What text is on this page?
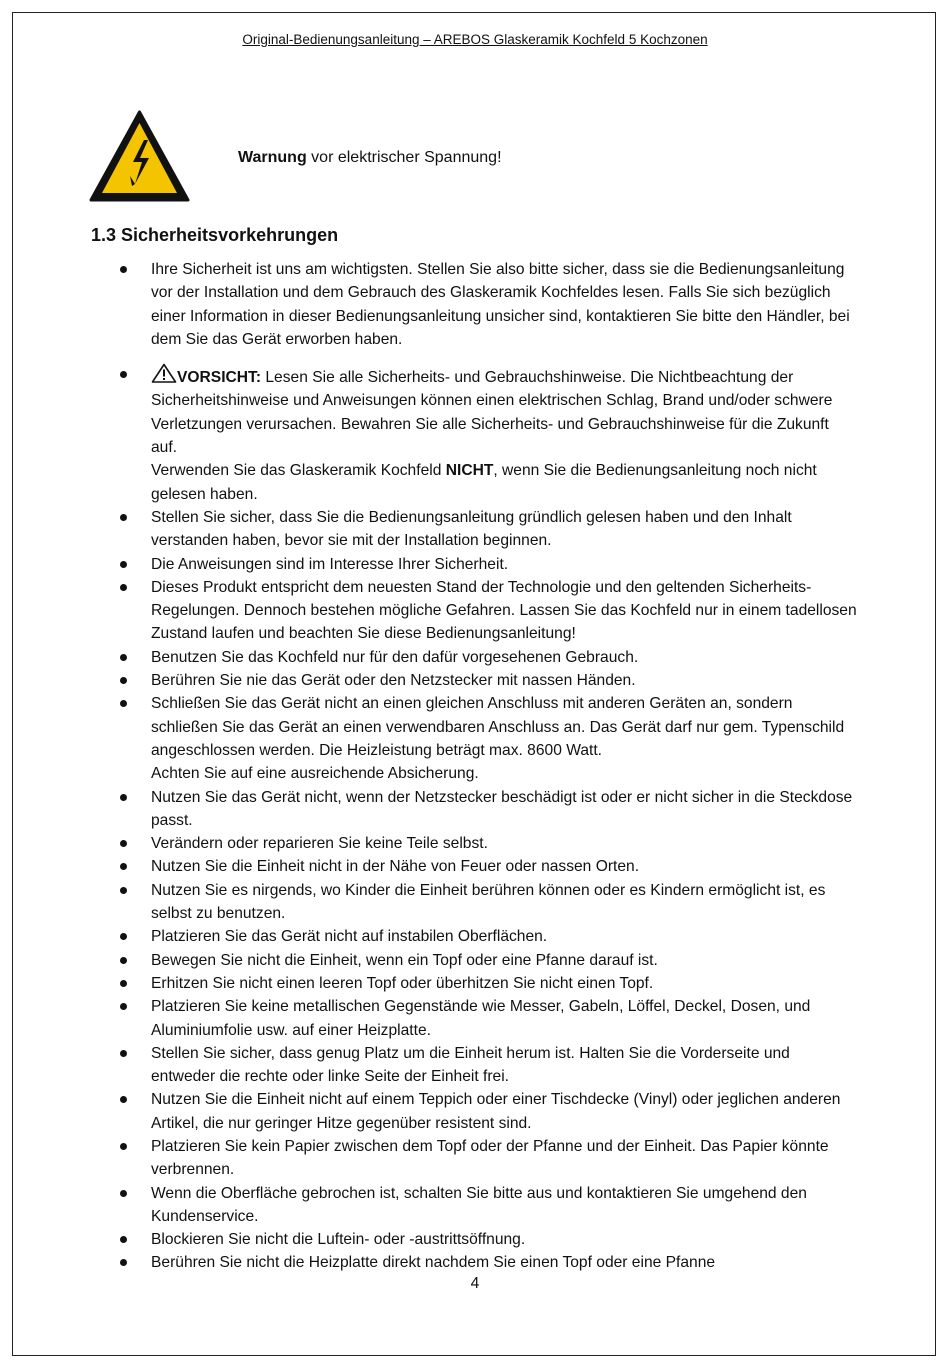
Original-Bedienungsanleitung – AREBOS Glaskeramik Kochfeld 5 Kochzonen
Warnung vor elektrischer Spannung!
1.3 Sicherheitsvorkehrungen
Ihre Sicherheit ist uns am wichtigsten. Stellen Sie also bitte sicher, dass sie die Bedienungsanleitung vor der Installation und dem Gebrauch des Glaskeramik Kochfeldes lesen. Falls Sie sich bezüglich einer Information in dieser Bedienungsanleitung unsicher sind, kontaktieren Sie bitte den Händler, bei dem Sie das Gerät erworben haben.
VORSICHT: Lesen Sie alle Sicherheits- und Gebrauchshinweise. Die Nichtbeachtung der Sicherheitshinweise und Anweisungen können einen elektrischen Schlag, Brand und/oder schwere Verletzungen verursachen. Bewahren Sie alle Sicherheits- und Gebrauchshinweise für die Zukunft auf.
Verwenden Sie das Glaskeramik Kochfeld NICHT, wenn Sie die Bedienungsanleitung noch nicht gelesen haben.
Stellen Sie sicher, dass Sie die Bedienungsanleitung gründlich gelesen haben und den Inhalt verstanden haben, bevor sie mit der Installation beginnen.
Die Anweisungen sind im Interesse Ihrer Sicherheit.
Dieses Produkt entspricht dem neuesten Stand der Technologie und den geltenden Sicherheits-Regelungen. Dennoch bestehen mögliche Gefahren. Lassen Sie das Kochfeld nur in einem tadellosen Zustand laufen und beachten Sie diese Bedienungsanleitung!
Benutzen Sie das Kochfeld nur für den dafür vorgesehenen Gebrauch.
Berühren Sie nie das Gerät oder den Netzstecker mit nassen Händen.
Schließen Sie das Gerät nicht an einen gleichen Anschluss mit anderen Geräten an, sondern schließen Sie das Gerät an einen verwendbaren Anschluss an. Das Gerät darf nur gem. Typenschild angeschlossen werden. Die Heizleistung beträgt max. 8600 Watt.
Achten Sie auf eine ausreichende Absicherung.
Nutzen Sie das Gerät nicht, wenn der Netzstecker beschädigt ist oder er nicht sicher in die Steckdose passt.
Verändern oder reparieren Sie keine Teile selbst.
Nutzen Sie die Einheit nicht in der Nähe von Feuer oder nassen Orten.
Nutzen Sie es nirgends, wo Kinder die Einheit berühren können oder es Kindern ermöglicht ist, es selbst zu benutzen.
Platzieren Sie das Gerät nicht auf instabilen Oberflächen.
Bewegen Sie nicht die Einheit, wenn ein Topf oder eine Pfanne darauf ist.
Erhitzen Sie nicht einen leeren Topf oder überhitzen Sie nicht einen Topf.
Platzieren Sie keine metallischen Gegenstände wie Messer, Gabeln, Löffel, Deckel, Dosen, und Aluminiumfolie usw. auf einer Heizplatte.
Stellen Sie sicher, dass genug Platz um die Einheit herum ist. Halten Sie die Vorderseite und entweder die rechte oder linke Seite der Einheit frei.
Nutzen Sie die Einheit nicht auf einem Teppich oder einer Tischdecke (Vinyl) oder jeglichen anderen Artikel, die nur geringer Hitze gegenüber resistent sind.
Platzieren Sie kein Papier zwischen dem Topf oder der Pfanne und der Einheit. Das Papier könnte verbrennen.
Wenn die Oberfläche gebrochen ist, schalten Sie bitte aus und kontaktieren Sie umgehend den Kundenservice.
Blockieren Sie nicht die Luftein- oder -austrittsöffnung.
Berühren Sie nicht die Heizplatte direkt nachdem Sie einen Topf oder eine Pfanne
4
